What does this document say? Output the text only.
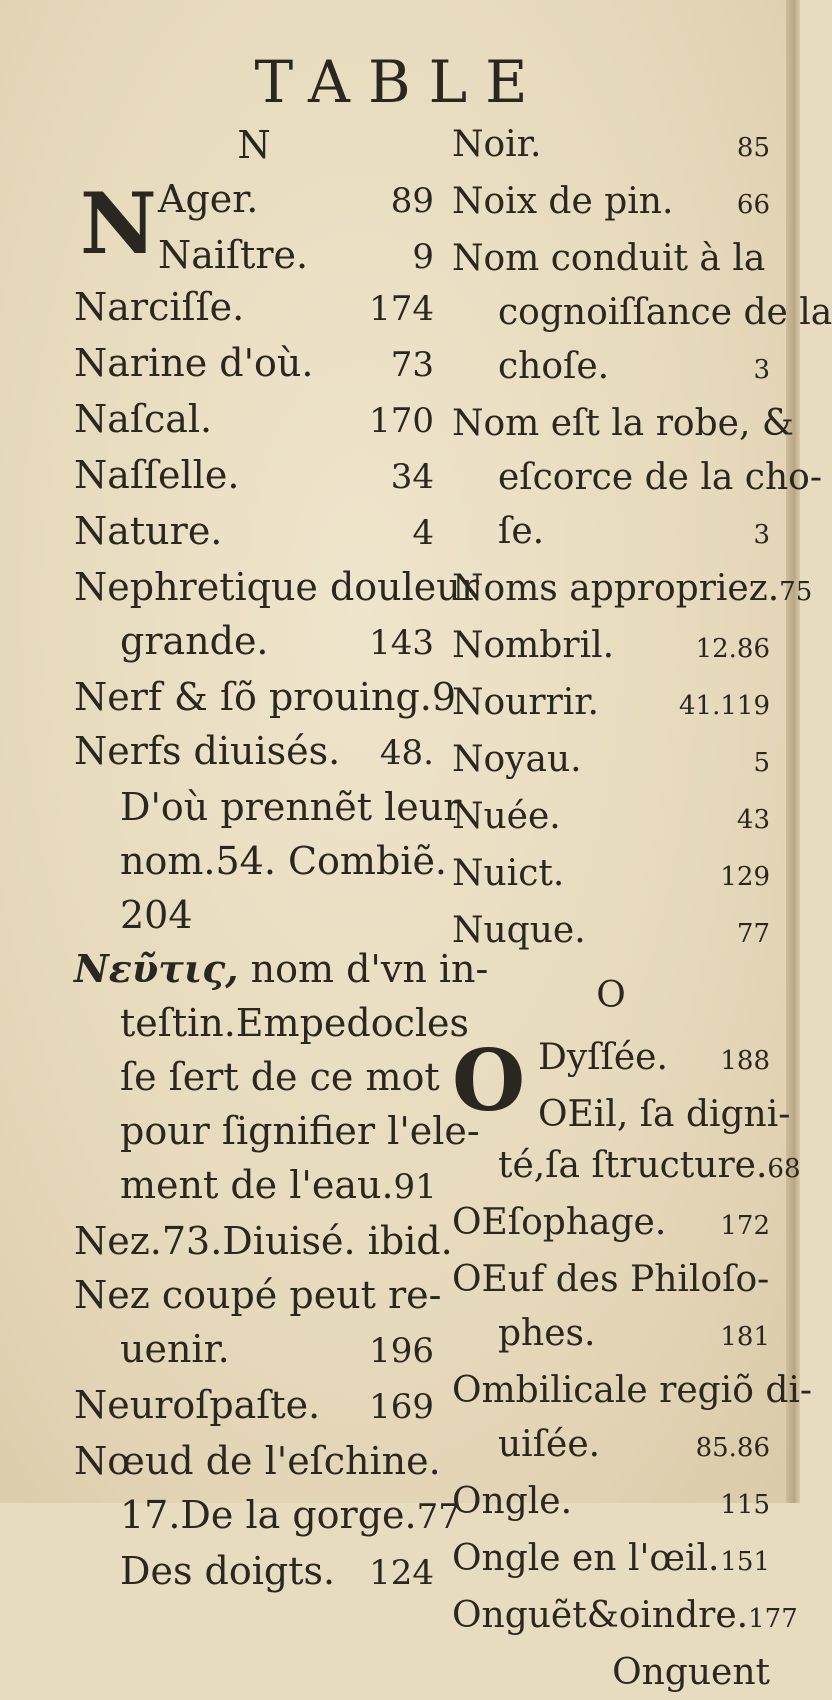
TABLE
N
N Ager.	89
Naiſtre.	9
Narciſſe.	174
Narine d'où. 73
Naſcal.	170
Naſſelle.	34
Nature.	4
Nephretique douleur
grande.	143
Nerf & ſõ prouing.9
Nerfs diuisés. 48.
D'où prennẽt leur
nom.54. Combiẽ.
204
Νεῦτις, nom d'vn in-
teſtin.Empedocles
ſe ſert de ce mot
pour ſignifier l'ele-
ment de l'eau. 91
Nez.73.Diuisé. ibid.
Nez coupé peut re-
uenir.	196
Neuroſpaſte. 169
Nœud de l'eſchine.
17.De la gorge. 77
Des doigts. 124
Noir.	85
Noix de pin. 66
Nom conduit à la
cognoiſſance de la
choſe.	3
Nom eſt la robe, &
eſcorce de la cho-
ſe.	3
Noms appropriez. 75
Nombril.	12.86
Nourrir.	41.119
Noyau.	5
Nuée.	43
Nuict.	129
Nuque.	77
O
O Dyſſée. 188
OEil, ſa digni-
té,ſa ſtructure. 68
OEſophage. 172
OEuf des Philoſo-
phes.	181
Ombilicale regiõ di-
uiſée.	85.86
Ongle.	115
Ongle en l'œil. 151
Onguẽt&oindre. 177
Onguent
